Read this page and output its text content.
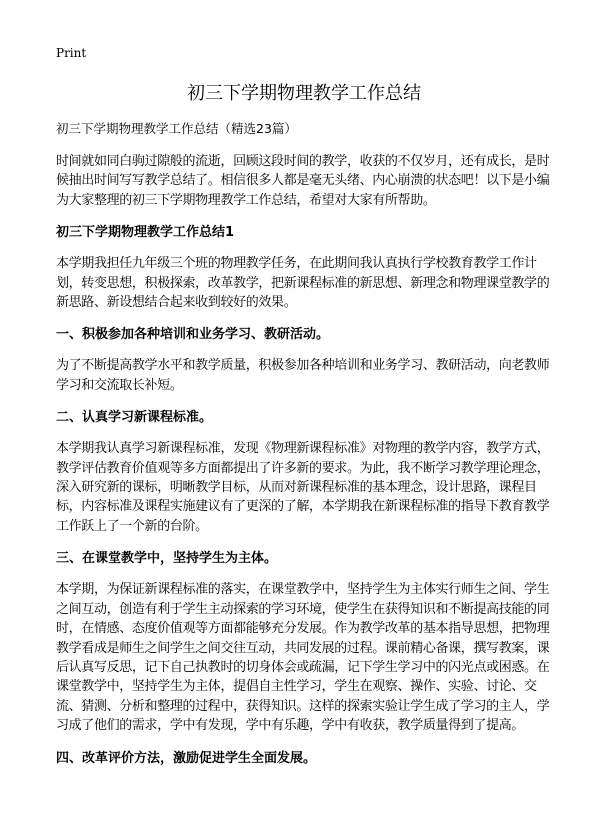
Print
初三下学期物理教学工作总结

初三下学期物理教学工作总结（精选23篇）

时间就如同白驹过隙般的流逝，回顾这段时间的教学，收获的不仅岁月，还有成长，是时候抽出时间写写教学总结了。相信很多人都是毫无头绪、内心崩溃的状态吧！以下是小编为大家整理的初三下学期物理教学工作总结，希望对大家有所帮助。

初三下学期物理教学工作总结1

本学期我担任九年级三个班的物理教学任务，在此期间我认真执行学校教育教学工作计划，转变思想，积极探索，改革教学，把新课程标准的新思想、新理念和物理课堂教学的新思路、新设想结合起来收到较好的效果。

一、积极参加各种培训和业务学习、教研活动。

为了不断提高教学水平和教学质量，积极参加各种培训和业务学习、教研活动，向老教师学习和交流取长补短。

二、认真学习新课程标准。

本学期我认真学习新课程标准，发现《物理新课程标准》对物理的教学内容，教学方式，教学评估教育价值观等多方面都提出了许多新的要求。为此，我不断学习教学理论理念，深入研究新的课标，明晰教学目标，从而对新课程标准的基本理念，设计思路，课程目标，内容标准及课程实施建议有了更深的了解，本学期我在新课程标准的指导下教育教学工作跃上了一个新的台阶。

三、在课堂教学中，坚持学生为主体。

本学期，为保证新课程标准的落实，在课堂教学中，坚持学生为主体实行师生之间、学生之间互动，创造有利于学生主动探索的学习环境，使学生在获得知识和不断提高技能的同时，在情感、态度价值观等方面都能够充分发展。作为教学改革的基本指导思想，把物理教学看成是师生之间学生之间交往互动，共同发展的过程。课前精心备课，撰写教案，课后认真写反思，记下自己执教时的切身体会或疏漏，记下学生学习中的闪光点或困惑。在课堂教学中，坚持学生为主体，提倡自主性学习，学生在观察、操作、实验、讨论、交流、猜测、分析和整理的过程中，获得知识。这样的探索实验让学生成了学习的主人，学习成了他们的需求，学中有发现，学中有乐趣，学中有收获，教学质量得到了提高。

四、改革评价方法，激励促进学生全面发展。
